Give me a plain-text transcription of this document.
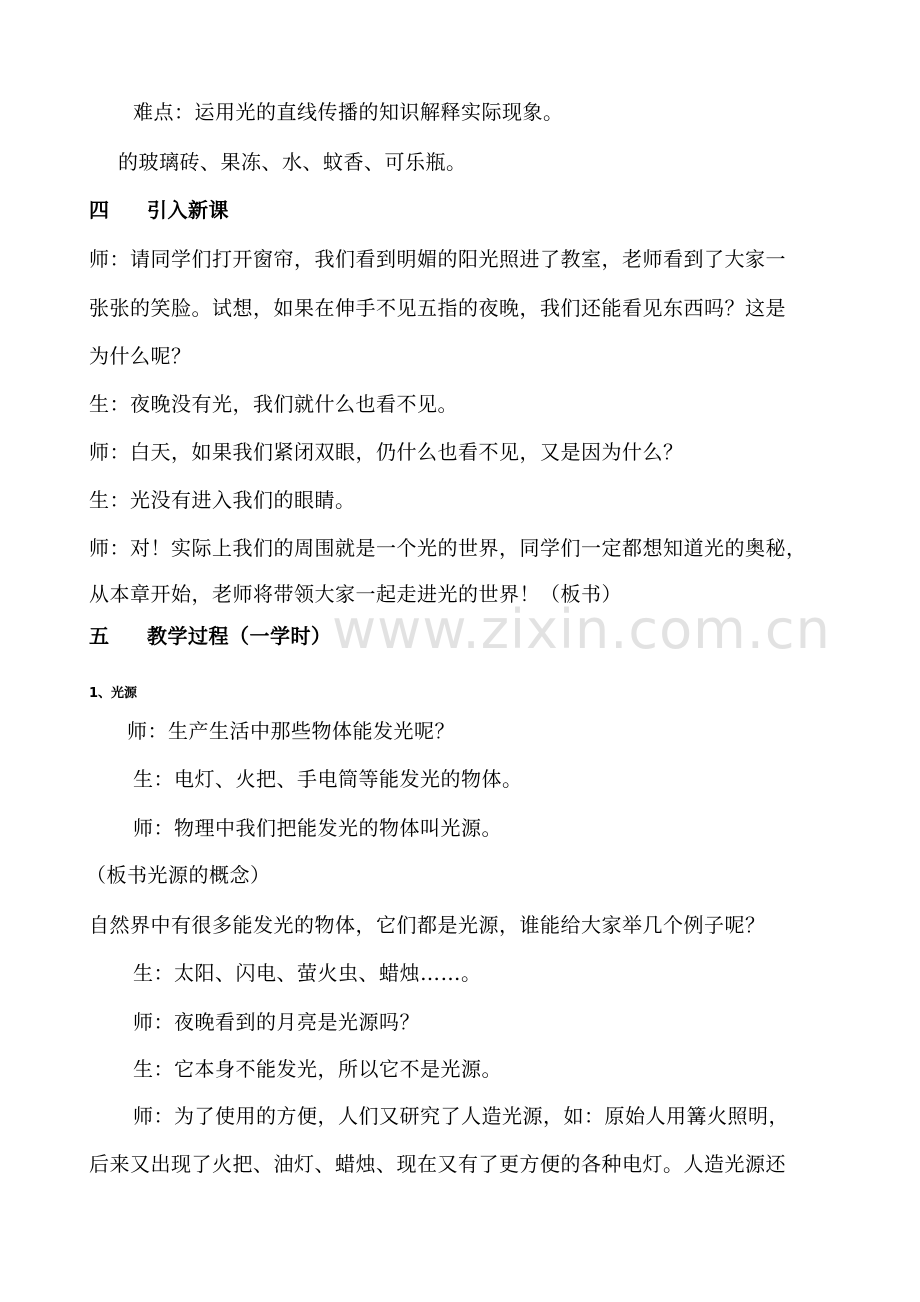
难点：运用光的直线传播的知识解释实际现象。
的玻璃砖、果冻、水、蚊香、可乐瓶。
四 引入新课
师：请同学们打开窗帘，我们看到明媚的阳光照进了教室，老师看到了大家一
张张的笑脸。试想，如果在伸手不见五指的夜晚，我们还能看见东西吗？这是
为什么呢？
生：夜晚没有光，我们就什么也看不见。
师：白天，如果我们紧闭双眼，仍什么也看不见，又是因为什么？
生：光没有进入我们的眼睛。
师：对！实际上我们的周围就是一个光的世界，同学们一定都想知道光的奥秘，
从本章开始，老师将带领大家一起走进光的世界！（板书）
五 教学过程（一学时）
1、光源
师：生产生活中那些物体能发光呢？
生：电灯、火把、手电筒等能发光的物体。
师：物理中我们把能发光的物体叫光源。
（板书光源的概念）
自然界中有很多能发光的物体，它们都是光源，谁能给大家举几个例子呢？
生：太阳、闪电、萤火虫、蜡烛……。
师：夜晚看到的月亮是光源吗？
生：它本身不能发光，所以它不是光源。
师：为了使用的方便，人们又研究了人造光源，如：原始人用篝火照明，
后来又出现了火把、油灯、蜡烛、现在又有了更方便的各种电灯。人造光源还
www.zixin.com.cn
